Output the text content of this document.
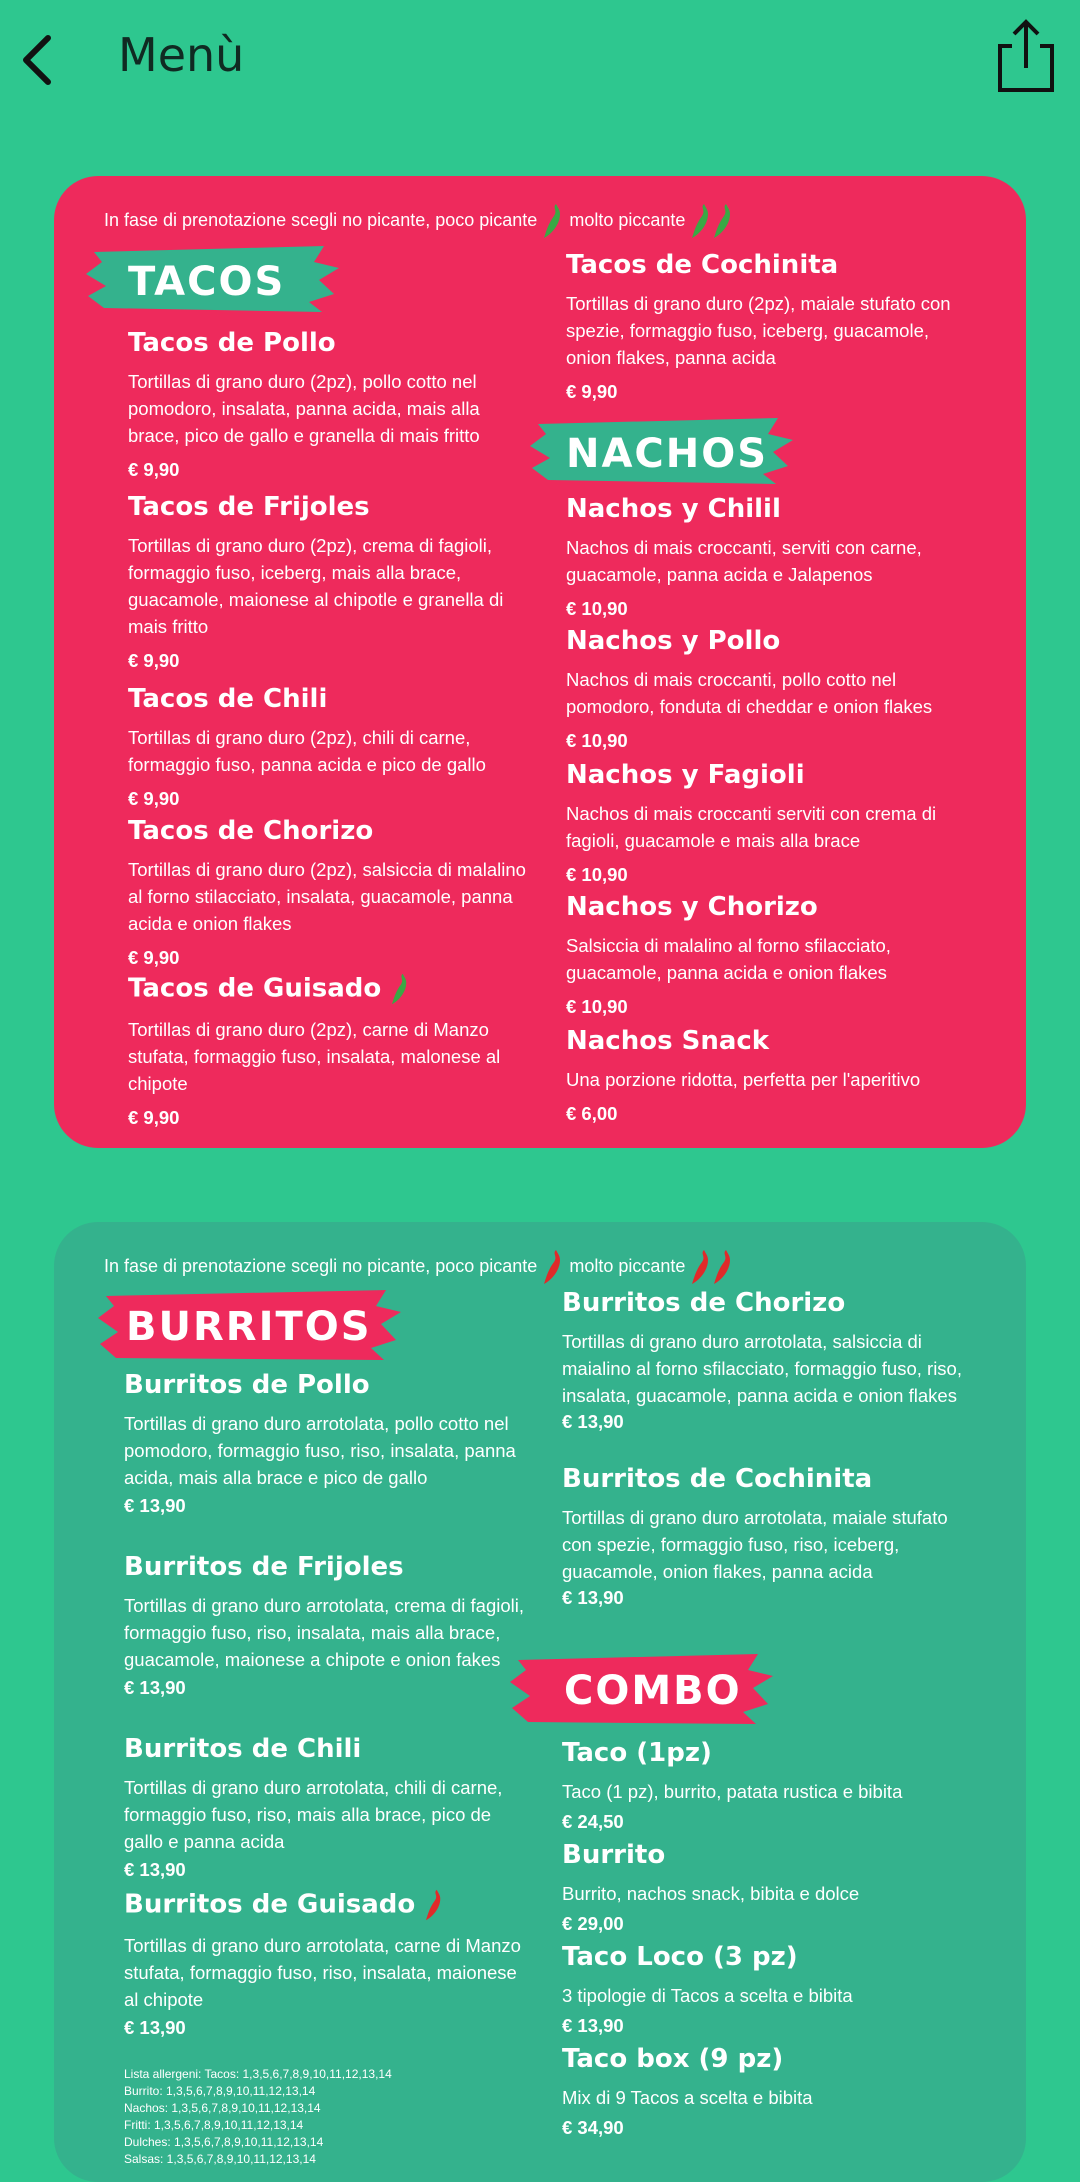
Menù
In fase di prenotazione scegli no picante, poco picante molto piccante
TACOS
NACHOS
Tacos de Pollo

Tortillas di grano duro (2pz), pollo cotto nel pomodoro, insalata, panna acida, mais alla brace, pico de gallo e granella di mais fritto

€ 9,90
Tacos de Frijoles

Tortillas di grano duro (2pz), crema di fagioli, formaggio fuso, iceberg, mais alla brace, guacamole, maionese al chipotle e granella di mais fritto

€ 9,90
Tacos de Chili

Tortillas di grano duro (2pz), chili di carne, formaggio fuso, panna acida e pico de gallo

€ 9,90
Tacos de Chorizo

Tortillas di grano duro (2pz), salsiccia di malalino al forno stilacciato, insalata, guacamole, panna acida e onion flakes

€ 9,90
Tacos de Guisado

Tortillas di grano duro (2pz), carne di Manzo stufata, formaggio fuso, insalata, malonese al chipote

€ 9,90
Tacos de Cochinita

Tortillas di grano duro (2pz), maiale stufato con spezie, formaggio fuso, iceberg, guacamole, onion flakes, panna acida

€ 9,90
Nachos y Chilil

Nachos di mais croccanti, serviti con carne, guacamole, panna acida e Jalapenos

€ 10,90
Nachos y Pollo

Nachos di mais croccanti, pollo cotto nel pomodoro, fonduta di cheddar e onion flakes

€ 10,90
Nachos y Fagioli

Nachos di mais croccanti serviti con crema di fagioli, guacamole e mais alla brace

€ 10,90
Nachos y Chorizo

Salsiccia di malalino al forno sfilacciato, guacamole, panna acida e onion flakes

€ 10,90
Nachos Snack

Una porzione ridotta, perfetta per l'aperitivo

€ 6,00
In fase di prenotazione scegli no picante, poco picante molto piccante
BURRITOS
COMBO
Burritos de Pollo

Tortillas di grano duro arrotolata, pollo cotto nel pomodoro, formaggio fuso, riso, insalata, panna acida, mais alla brace e pico de gallo

€ 13,90
Burritos de Frijoles

Tortillas di grano duro arrotolata, crema di fagioli, formaggio fuso, riso, insalata, mais alla brace, guacamole, maionese a chipote e onion fakes

€ 13,90
Burritos de Chili

Tortillas di grano duro arrotolata, chili di carne, formaggio fuso, riso, mais alla brace, pico de gallo e panna acida

€ 13,90
Burritos de Guisado

Tortillas di grano duro arrotolata, carne di Manzo stufata, formaggio fuso, riso, insalata, maionese al chipote

€ 13,90
Burritos de Chorizo

Tortillas di grano duro arrotolata, salsiccia di maialino al forno sfilacciato, formaggio fuso, riso, insalata, guacamole, panna acida e onion flakes

€ 13,90
Burritos de Cochinita

Tortillas di grano duro arrotolata, maiale stufato con spezie, formaggio fuso, riso, iceberg, guacamole, onion flakes, panna acida

€ 13,90
Taco (1pz)

Taco (1 pz), burrito, patata rustica e bibita

€ 24,50
Burrito

Burrito, nachos snack, bibita e dolce

€ 29,00
Taco Loco (3 pz)

3 tipologie di Tacos a scelta e bibita

€ 13,90
Taco box (9 pz)

Mix di 9 Tacos a scelta e bibita

€ 34,90
Lista allergeni: Tacos: 1,3,5,6,7,8,9,10,11,12,13,14
Burrito: 1,3,5,6,7,8,9,10,11,12,13,14
Nachos: 1,3,5,6,7,8,9,10,11,12,13,14
Fritti: 1,3,5,6,7,8,9,10,11,12,13,14
Dulches: 1,3,5,6,7,8,9,10,11,12,13,14
Salsas: 1,3,5,6,7,8,9,10,11,12,13,14
